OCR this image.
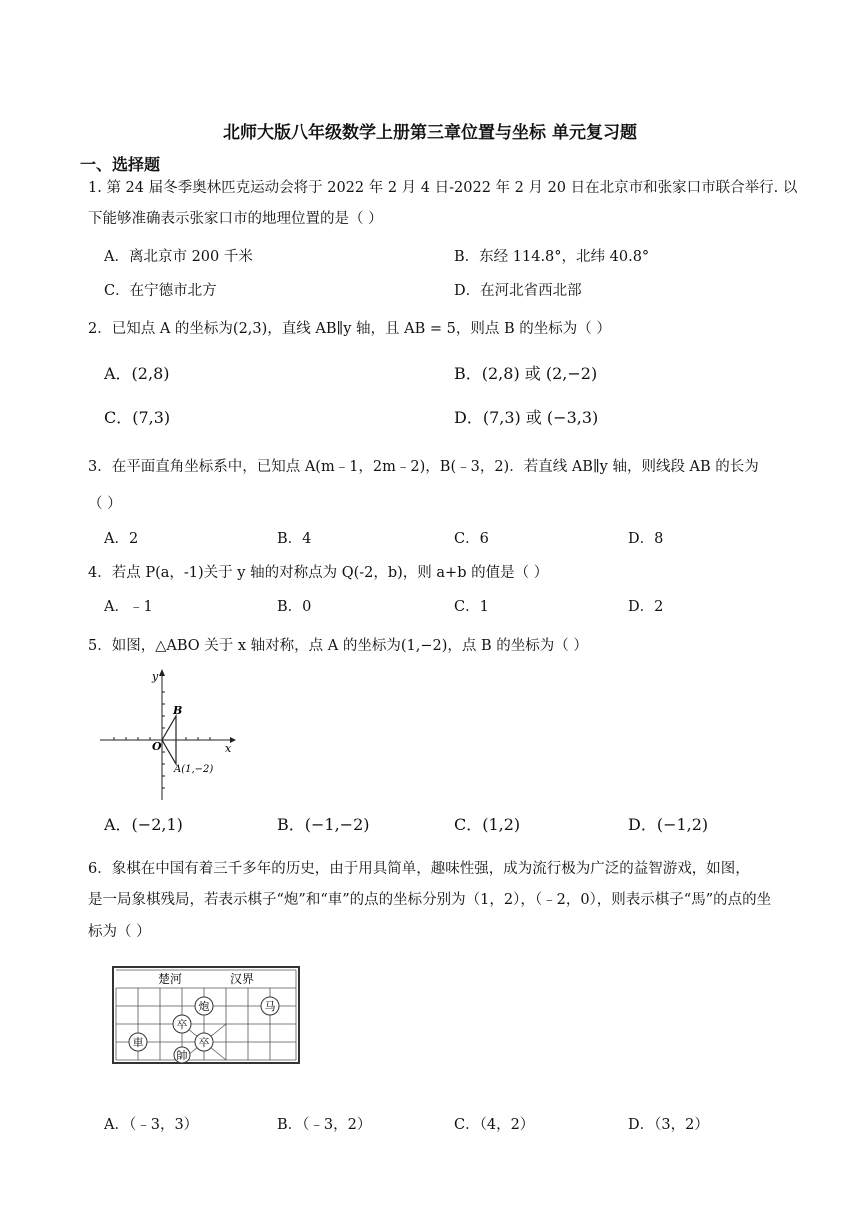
北师大版八年级数学上册第三章位置与坐标 单元复习题
一、选择题
1. 第 24 届冬季奥林匹克运动会将于 2022 年 2 月 4 日-2022 年 2 月 20 日在北京市和张家口市联合举行. 以
下能够准确表示张家口市的地理位置的是（ ）
A．离北京市 200 千米	B．东经 114.8°，北纬 40.8°
C．在宁德市北方	D．在河北省西北部
2．已知点 A 的坐标为(2,3)，直线 AB∥y 轴，且 AB = 5，则点 B 的坐标为（ ）
A．(2,8)	B．(2,8) 或 (2,−2)
C．(7,3)	D．(7,3) 或 (−3,3)
3．在平面直角坐标系中，已知点 A(m﹣1，2m﹣2)，B(﹣3，2)．若直线 AB∥y 轴，则线段 AB 的长为
（ ）
A．2	B．4	C．6	D．8
4．若点 P(a，-1)关于 y 轴的对称点为 Q(-2，b)，则 a+b 的值是（ ）
A．﹣1	B．0	C．1	D．2
5．如图，△ABO 关于 x 轴对称，点 A 的坐标为(1,−2)，点 B 的坐标为（ ）
y
x
O
B
A(1,−2)
A．(−2,1)	B．(−1,−2)	C．(1,2)	D．(−1,2)
6．象棋在中国有着三千多年的历史，由于用具简单，趣味性强，成为流行极为广泛的益智游戏，如图，
是一局象棋残局，若表示棋子“炮”和“車”的点的坐标分别为（1，2），（﹣2，0），则表示棋子“馬”的点的坐
标为（ ）
楚河	汉界
炮	马
卒
車	卒
帥
A．（﹣3，3）	B．（﹣3，2）	C．（4，2）	D．（3，2）
